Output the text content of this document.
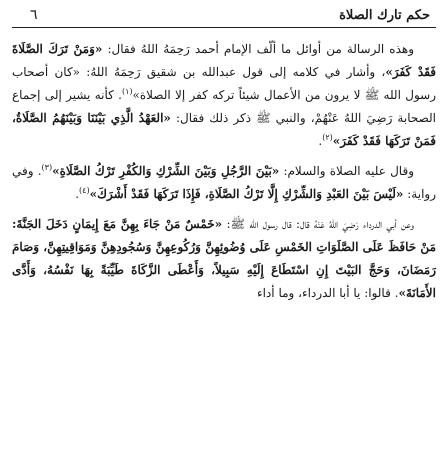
٦	حكم تارك الصلاة

وهذه الرسالة من أوائل ما ألّف الإمام أحمد رَحِمَهُ اللهُ فقال: «وَمَنْ تَرَكَ الصَّلَاةَ فَقَدْ كَفَرَ»، وأشار في كلامه إلى قول عبدالله بن شقيق رَحِمَهُ اللهُ: «كان أصحاب رسول الله ﷺ لا يرون من الأعمال شيئاً تركه كفر إلا الصلاة»$^{(١)}$. كأنه يشير إلى إجماع الصحابة رَضِيَ اللهُ عَنْهُمْ، والنبي ﷺ ذكر ذلك فقال: «العَهْدُ الَّذِي بَيْنَنَا وَبَيْنَهُمُ الصَّلَاةُ، فَمَنْ تَرَكَهَا فَقَدْ كَفَرَ»$^{(٢)}$.

وقال عليه الصلاة والسلام: «بَيْنَ الرَّجُلِ وَبَيْنَ الشِّرْكِ وَالكُفْرِ تَرْكُ الصَّلَاةِ»$^{(٣)}$. وفي رواية: «لَيْسَ بَيْنَ العَبْدِ وَالشِّرْكِ إِلَّا تَرْكُ الصَّلَاةِ، فَإِذَا تَرَكَهَا فَقَدْ أَشْرَكَ»$^{(٤)}$.

وعن أبي الدرداء رَضِيَ اللهُ عَنْهُ قال: قال رسول الله ﷺ: «خَمْسٌ مَنْ جَاءَ بِهِنَّ مَعَ إِيمَانٍ دَخَلَ الجَنَّةَ: مَنْ حَافَظَ عَلَى الصَّلَوَاتِ الخَمْسِ عَلَى وُضُوئِهِنَّ وَرُكُوعِهِنَّ وَسُجُودِهِنَّ وَمَوَاقِيتِهِنَّ، وَصَامَ رَمَضَانَ، وَحَجَّ البَيْتَ إِنِ اسْتَطَاعَ إِلَيْهِ سَبِيلاً، وَأَعْطَى الزَّكَاةَ طَيِّبَةً بِهَا نَفْسُهُ، وَأَدَّى الأَمَانَةَ». قالوا: يا أبا الدرداء، وما أداء
